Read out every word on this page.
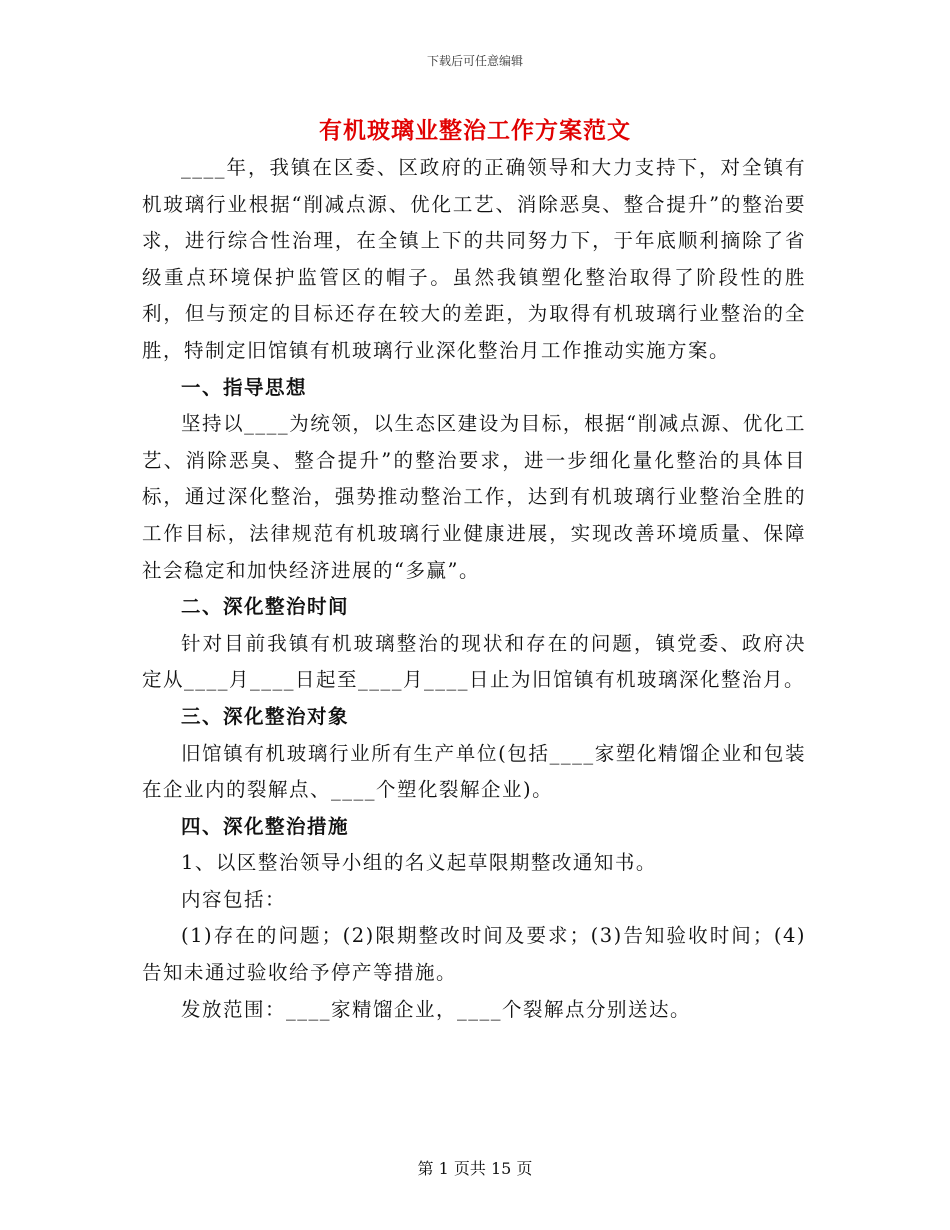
下载后可任意编辑
有机玻璃业整治工作方案范文

____年，我镇在区委、区政府的正确领导和大力支持下，对全镇有机玻璃行业根据“削减点源、优化工艺、消除恶臭、整合提升”的整治要求，进行综合性治理，在全镇上下的共同努力下，于年底顺利摘除了省级重点环境保护监管区的帽子。虽然我镇塑化整治取得了阶段性的胜利，但与预定的目标还存在较大的差距，为取得有机玻璃行业整治的全胜，特制定旧馆镇有机玻璃行业深化整治月工作推动实施方案。

一、指导思想

坚持以____为统领，以生态区建设为目标，根据“削减点源、优化工艺、消除恶臭、整合提升”的整治要求，进一步细化量化整治的具体目标，通过深化整治，强势推动整治工作，达到有机玻璃行业整治全胜的工作目标，法律规范有机玻璃行业健康进展，实现改善环境质量、保障社会稳定和加快经济进展的“多赢”。

二、深化整治时间

针对目前我镇有机玻璃整治的现状和存在的问题，镇党委、政府决定从____月____日起至____月____日止为旧馆镇有机玻璃深化整治月。

三、深化整治对象

旧馆镇有机玻璃行业所有生产单位(包括____家塑化精馏企业和包装在企业内的裂解点、____个塑化裂解企业)。

四、深化整治措施

1、以区整治领导小组的名义起草限期整改通知书。

内容包括：

(1)存在的问题；(2)限期整改时间及要求；(3)告知验收时间；(4)告知未通过验收给予停产等措施。

发放范围：____家精馏企业，____个裂解点分别送达。

第 1 页共 15 页
